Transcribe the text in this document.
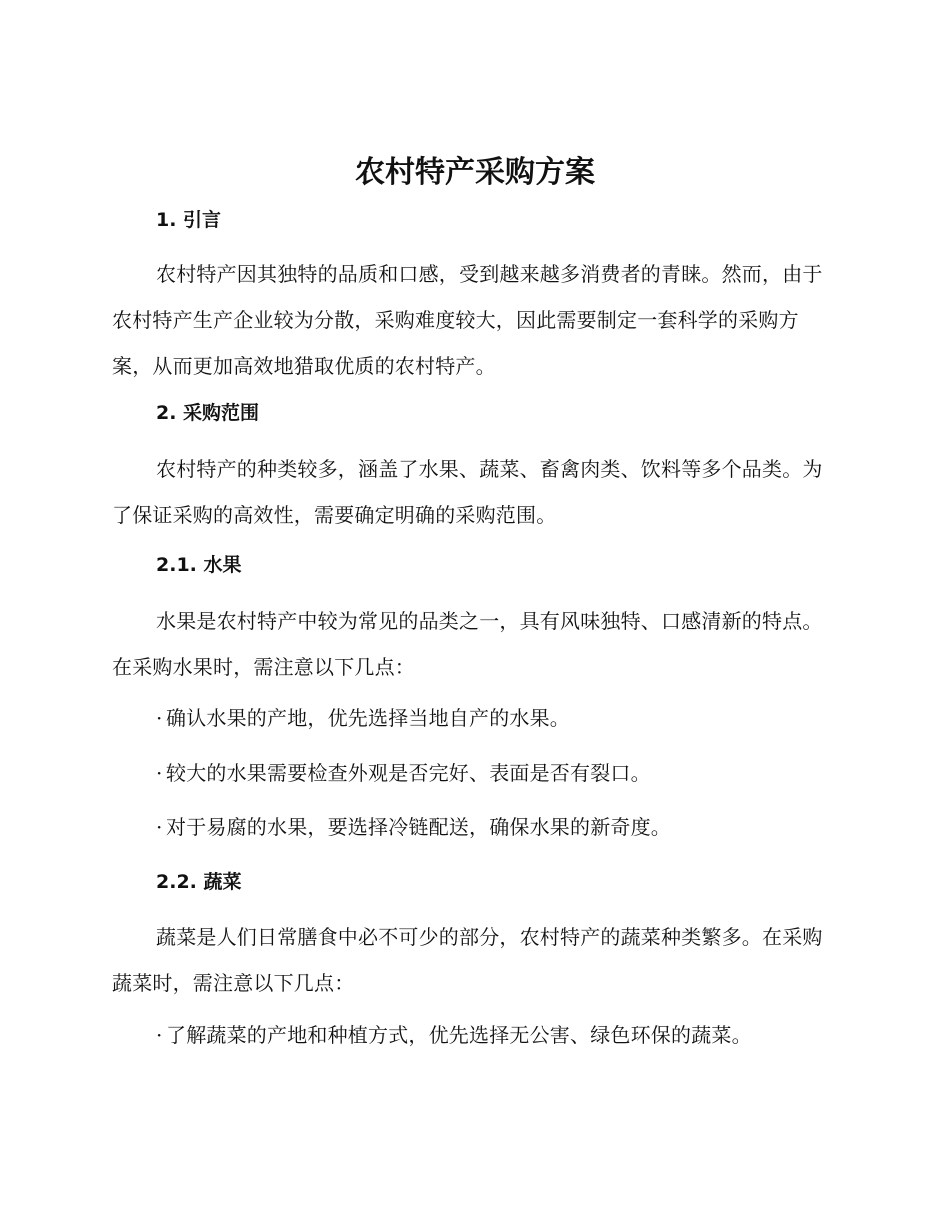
农村特产采购方案
1. 引言

农村特产因其独特的品质和口感，受到越来越多消费者的青睐。然而，由于农村特产生产企业较为分散，采购难度较大，因此需要制定一套科学的采购方案，从而更加高效地猎取优质的农村特产。

2. 采购范围

农村特产的种类较多，涵盖了水果、蔬菜、畜禽肉类、饮料等多个品类。为了保证采购的高效性，需要确定明确的采购范围。

2.1. 水果

水果是农村特产中较为常见的品类之一，具有风味独特、口感清新的特点。在采购水果时，需注意以下几点：

· 确认水果的产地，优先选择当地自产的水果。

· 较大的水果需要检查外观是否完好、表面是否有裂口。

· 对于易腐的水果，要选择冷链配送，确保水果的新奇度。

2.2. 蔬菜

蔬菜是人们日常膳食中必不可少的部分，农村特产的蔬菜种类繁多。在采购蔬菜时，需注意以下几点：

· 了解蔬菜的产地和种植方式，优先选择无公害、绿色环保的蔬菜。
